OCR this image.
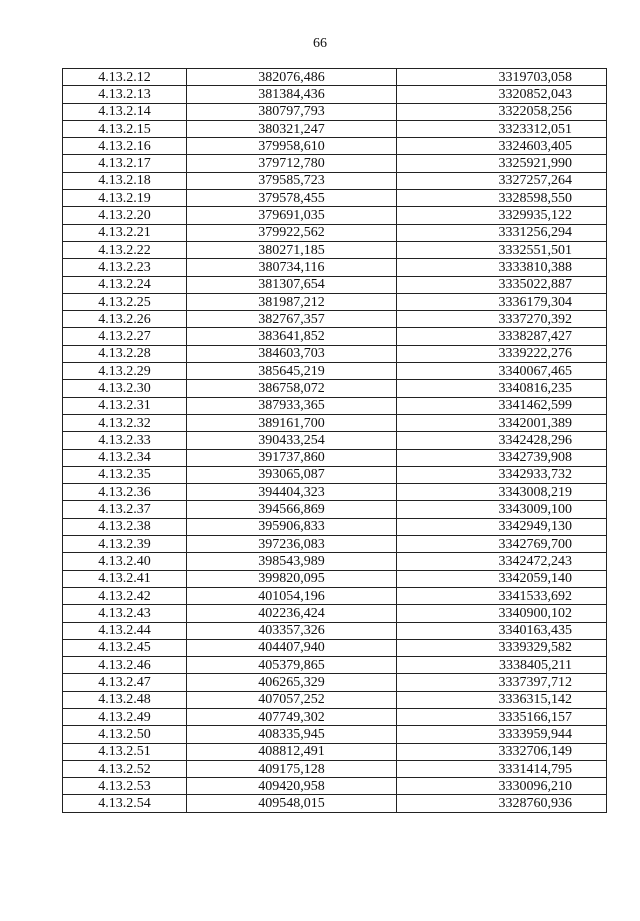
66
4.13.2.12	382076,486	3319703,058
4.13.2.13	381384,436	3320852,043
4.13.2.14	380797,793	3322058,256
4.13.2.15	380321,247	3323312,051
4.13.2.16	379958,610	3324603,405
4.13.2.17	379712,780	3325921,990
4.13.2.18	379585,723	3327257,264
4.13.2.19	379578,455	3328598,550
4.13.2.20	379691,035	3329935,122
4.13.2.21	379922,562	3331256,294
4.13.2.22	380271,185	3332551,501
4.13.2.23	380734,116	3333810,388
4.13.2.24	381307,654	3335022,887
4.13.2.25	381987,212	3336179,304
4.13.2.26	382767,357	3337270,392
4.13.2.27	383641,852	3338287,427
4.13.2.28	384603,703	3339222,276
4.13.2.29	385645,219	3340067,465
4.13.2.30	386758,072	3340816,235
4.13.2.31	387933,365	3341462,599
4.13.2.32	389161,700	3342001,389
4.13.2.33	390433,254	3342428,296
4.13.2.34	391737,860	3342739,908
4.13.2.35	393065,087	3342933,732
4.13.2.36	394404,323	3343008,219
4.13.2.37	394566,869	3343009,100
4.13.2.38	395906,833	3342949,130
4.13.2.39	397236,083	3342769,700
4.13.2.40	398543,989	3342472,243
4.13.2.41	399820,095	3342059,140
4.13.2.42	401054,196	3341533,692
4.13.2.43	402236,424	3340900,102
4.13.2.44	403357,326	3340163,435
4.13.2.45	404407,940	3339329,582
4.13.2.46	405379,865	3338405,211
4.13.2.47	406265,329	3337397,712
4.13.2.48	407057,252	3336315,142
4.13.2.49	407749,302	3335166,157
4.13.2.50	408335,945	3333959,944
4.13.2.51	408812,491	3332706,149
4.13.2.52	409175,128	3331414,795
4.13.2.53	409420,958	3330096,210
4.13.2.54	409548,015	3328760,936
